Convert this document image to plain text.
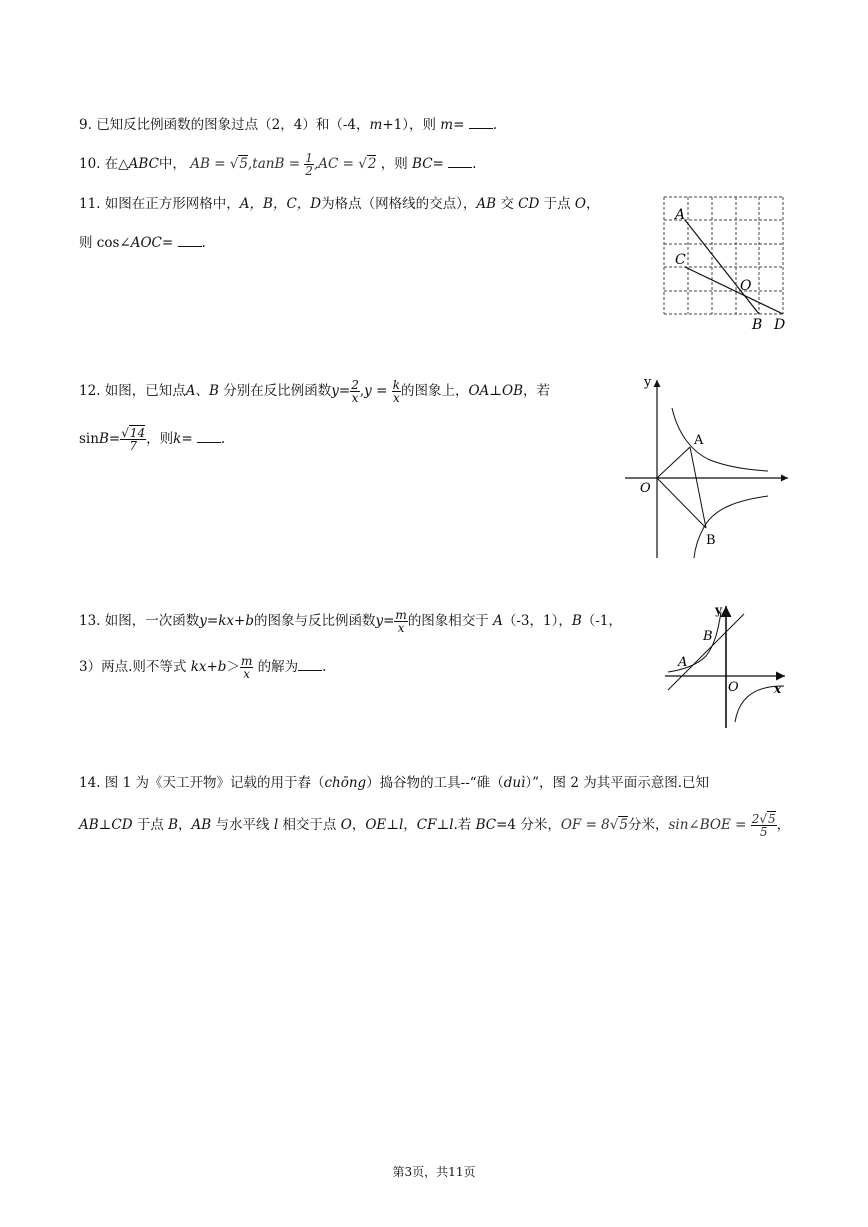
9. 已知反比例函数的图象过点（2，4）和（-4，m+1），则 m= .
10. 在△ABC中， AB = $√5,\tan B = \frac{1}{2} ,AC = √2$ ，则 BC= .
11. 如图在正方形网格中，A，B，C，D为格点（网格线的交点），AB 交 CD 于点 O，
则 cos∠AOC= .
A
C
O
B D
12. 如图，已知点A、B 分别在反比例函数$y= \frac{2}{x} ,y = \frac{k}{x}$ 的图象上，OA⊥OB，若
$\sin B= \frac{√14}{7}$ ，则k= .
y
A
O
B
13. 如图，一次函数y=kx+b的图象与反比例函数$y= \frac{m}{x}$ 的图象相交于 A（-3，1），B（-1，
3）两点.则不等式 $kx+b> \frac{m}{x}$ 的解为 .
y
B
A
O	x
14. 图 1 为《天工开物》记载的用于舂（chōng）捣谷物的工具--“碓（duì）”，图 2 为其平面示意图.已知
AB⊥CD 于点 B，AB 与水平线 l 相交于点 O，OE⊥l，CF⊥l.若 BC=4 分米，OF = 8√5分米，sin∠BOE = $\frac{2√5}{5}$ ，
第3页，共11页
